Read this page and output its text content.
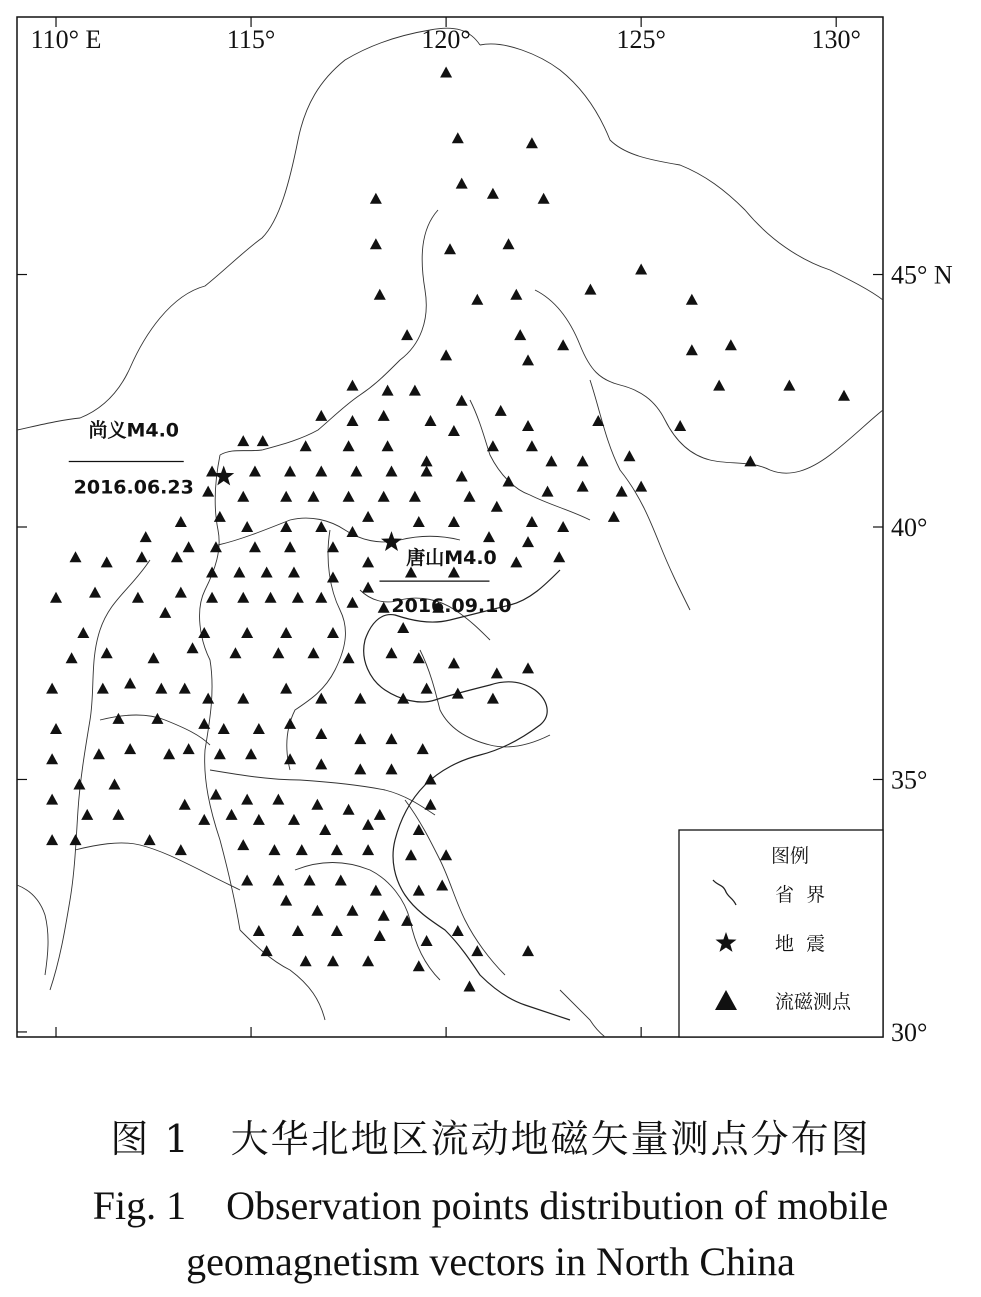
110° E	115°	120°	125°	130°
45° N
40°
35°
30°
尚义M4.0
2016.06.23
唐山M4.0
2016.09.10
图例
省  界
地  震
流磁测点
图 1　大华北地区流动地磁矢量测点分布图
Fig. 1　Observation points distribution of mobile
geomagnetism vectors in North China
